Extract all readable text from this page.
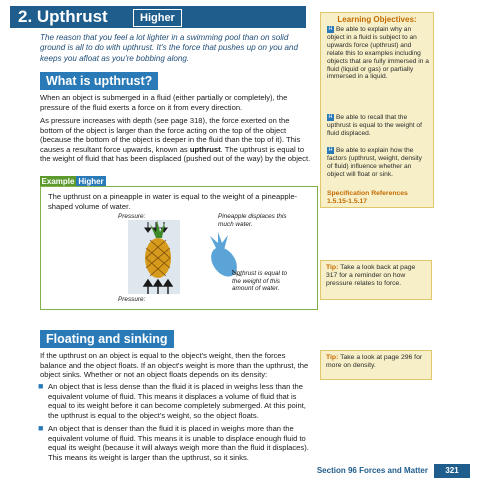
2. Upthrust	Higher
The reason that you feel a lot lighter in a swimming pool than on solid ground is all to do with upthrust. It's the force that pushes up on you and keeps you afloat as you're bobbing along.
What is upthrust?
When an object is submerged in a fluid (either partially or completely), the pressure of the fluid exerts a force on it from every direction.
As pressure increases with depth (see page 318), the force exerted on the bottom of the object is larger than the force acting on the top of the object (because the bottom of the object is deeper in the fluid than the top of it). This causes a resultant force upwards, known as upthrust. The upthrust is equal to the weight of fluid that has been displaced (pushed out of the way) by the object.
Example Higher
The upthrust on a pineapple in water is equal to the weight of a pineapple-shaped volume of water.
Pressure:	Pineapple displaces this much water.
Upthrust is equal to the weight of this amount of water.
Pressure:
Floating and sinking
If the upthrust on an object is equal to the object's weight, then the forces balance and the object floats. If an object's weight is more than the upthrust, the object sinks. Whether or not an object floats depends on its density:
■ An object that is less dense than the fluid it is placed in weighs less than the equivalent volume of fluid. This means it displaces a volume of fluid that is equal to its weight before it can become completely submerged. At this point, the upthrust is equal to the object's weight, so the object floats.
■ An object that is denser than the fluid it is placed in weighs more than the equivalent volume of fluid. This means it is unable to displace enough fluid to equal its weight (because it will always weigh more than the fluid it displaces). This means its weight is larger than the upthrust, so it sinks.
Learning Objectives:
H Be able to explain why an object in a fluid is subject to an upwards force (upthrust) and relate this to examples including objects that are fully immersed in a fluid (liquid or gas) or partially immersed in a liquid.
H Be able to recall that the upthrust is equal to the weight of fluid displaced.
H Be able to explain how the factors (upthrust, weight, density of fluid) influence whether an object will float or sink.
Specification References
1.5.15-1.5.17
Tip: Take a look back at page 317 for a reminder on how pressure relates to force.
Tip: Take a look at page 296 for more on density.
Section 96 Forces and Matter	321
